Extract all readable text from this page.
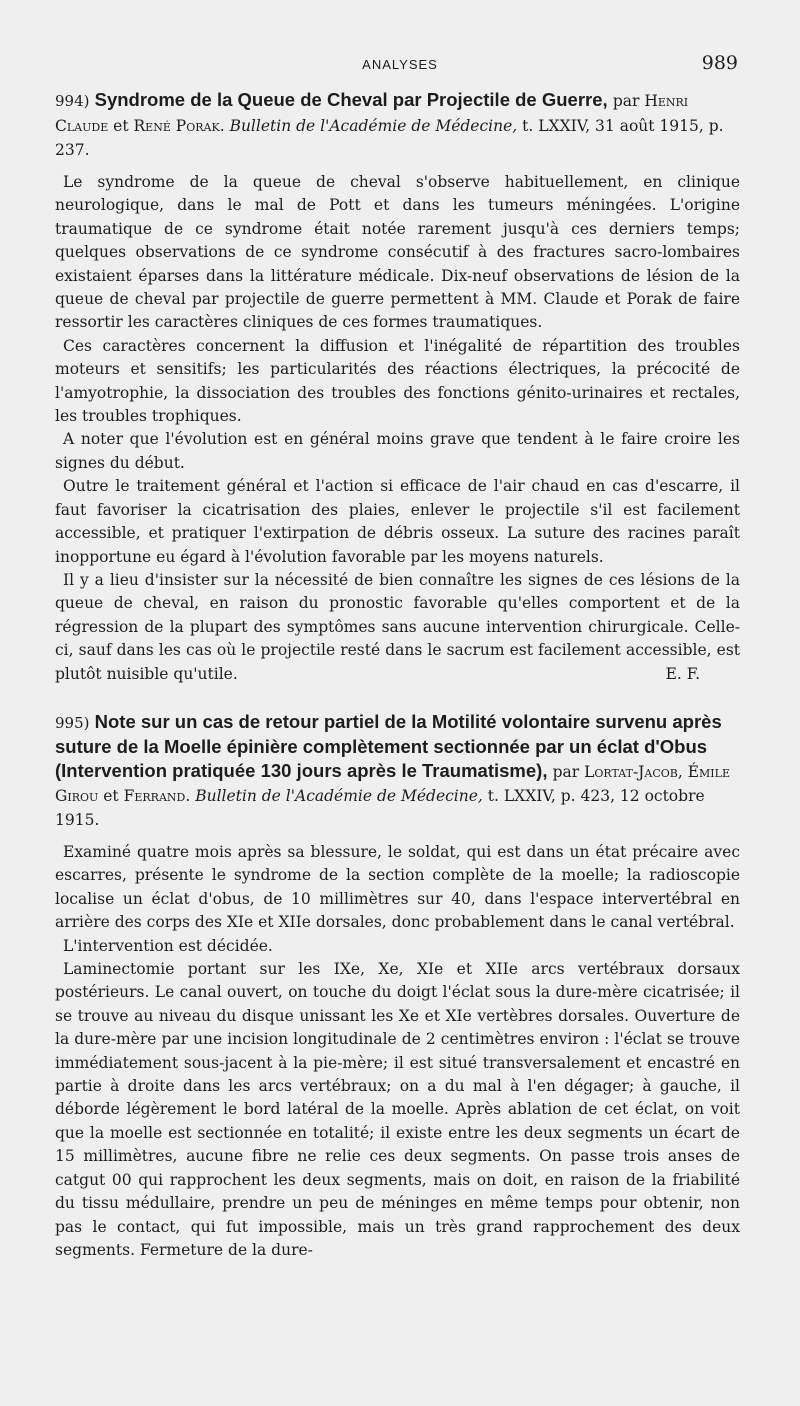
ANALYSES	989

994) Syndrome de la Queue de Cheval par Projectile de Guerre, par Henri Claude et René Porak. Bulletin de l'Académie de Médecine, t. LXXIV, 31 août 1915, p. 237.

Le syndrome de la queue de cheval s'observe habituellement, en clinique neurologique, dans le mal de Pott et dans les tumeurs méningées. L'origine traumatique de ce syndrome était notée rarement jusqu'à ces derniers temps; quelques observations de ce syndrome consécutif à des fractures sacro-lombaires existaient éparses dans la littérature médicale. Dix-neuf observations de lésion de la queue de cheval par projectile de guerre permettent à MM. Claude et Porak de faire ressortir les caractères cliniques de ces formes traumatiques.

Ces caractères concernent la diffusion et l'inégalité de répartition des troubles moteurs et sensitifs; les particularités des réactions électriques, la précocité de l'amyotrophie, la dissociation des troubles des fonctions génito-urinaires et rectales, les troubles trophiques.

A noter que l'évolution est en général moins grave que tendent à le faire croire les signes du début.

Outre le traitement général et l'action si efficace de l'air chaud en cas d'escarre, il faut favoriser la cicatrisation des plaies, enlever le projectile s'il est facilement accessible, et pratiquer l'extirpation de débris osseux. La suture des racines paraît inopportune eu égard à l'évolution favorable par les moyens naturels.

Il y a lieu d'insister sur la nécessité de bien connaître les signes de ces lésions de la queue de cheval, en raison du pronostic favorable qu'elles comportent et de la régression de la plupart des symptômes sans aucune intervention chirurgicale. Celle-ci, sauf dans les cas où le projectile resté dans le sacrum est facilement accessible, est plutôt nuisible qu'utile.	E. F.

995) Note sur un cas de retour partiel de la Motilité volontaire survenu après suture de la Moelle épinière complètement sectionnée par un éclat d'Obus (Intervention pratiquée 130 jours après le Traumatisme), par Lortat-Jacob, Émile Girou et Ferrand. Bulletin de l'Académie de Médecine, t. LXXIV, p. 423, 12 octobre 1915.

Examiné quatre mois après sa blessure, le soldat, qui est dans un état précaire avec escarres, présente le syndrome de la section complète de la moelle; la radioscopie localise un éclat d'obus, de 10 millimètres sur 40, dans l'espace intervertébral en arrière des corps des XIe et XIIe dorsales, donc probablement dans le canal vertébral.

L'intervention est décidée.

Laminectomie portant sur les IXe, Xe, XIe et XIIe arcs vertébraux dorsaux postérieurs. Le canal ouvert, on touche du doigt l'éclat sous la dure-mère cicatrisée; il se trouve au niveau du disque unissant les Xe et XIe vertèbres dorsales. Ouverture de la dure-mère par une incision longitudinale de 2 centimètres environ : l'éclat se trouve immédiatement sous-jacent à la pie-mère; il est situé transversalement et encastré en partie à droite dans les arcs vertébraux; on a du mal à l'en dégager; à gauche, il déborde légèrement le bord latéral de la moelle. Après ablation de cet éclat, on voit que la moelle est sectionnée en totalité; il existe entre les deux segments un écart de 15 millimètres, aucune fibre ne relie ces deux segments. On passe trois anses de catgut 00 qui rapprochent les deux segments, mais on doit, en raison de la friabilité du tissu médullaire, prendre un peu de méninges en même temps pour obtenir, non pas le contact, qui fut impossible, mais un très grand rapprochement des deux segments. Fermeture de la dure-
